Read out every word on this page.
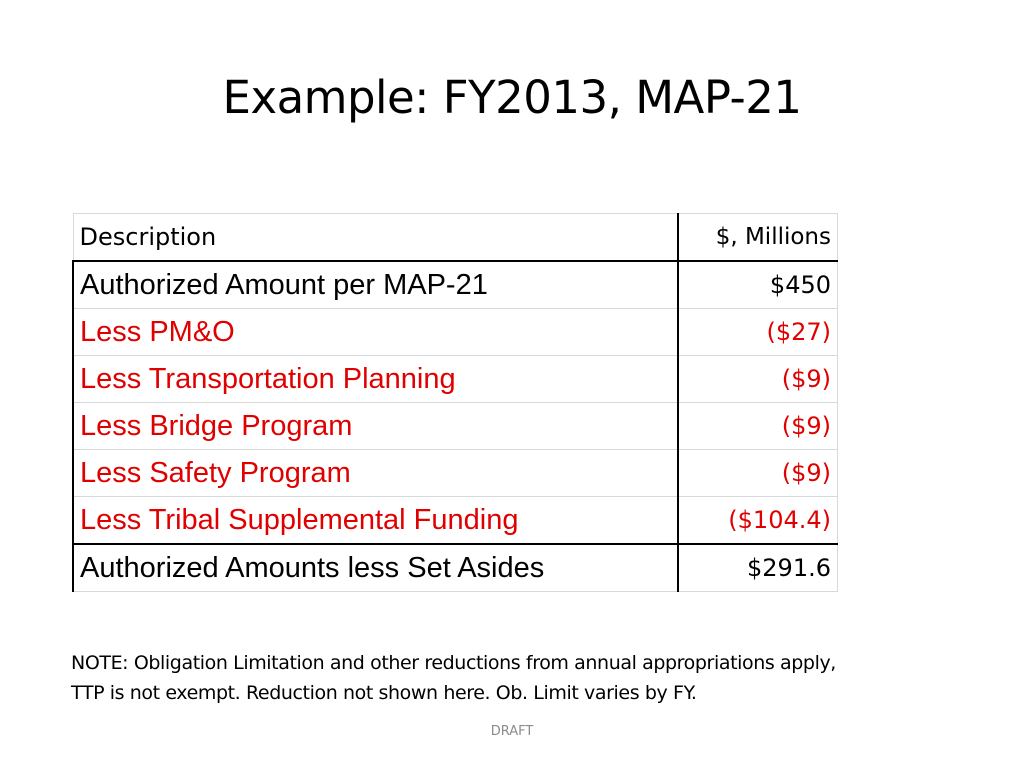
Example: FY2013, MAP-21
Description	$, Millions
Authorized Amount per MAP-21	$450
Less PM&O	($27)
Less Transportation Planning	($9)
Less Bridge Program	($9)
Less Safety Program	($9)
Less Tribal Supplemental Funding	($104.4)
Authorized Amounts less Set Asides	$291.6
NOTE: Obligation Limitation and other reductions from annual appropriations apply,
TTP is not exempt. Reduction not shown here. Ob. Limit varies by FY.
DRAFT
